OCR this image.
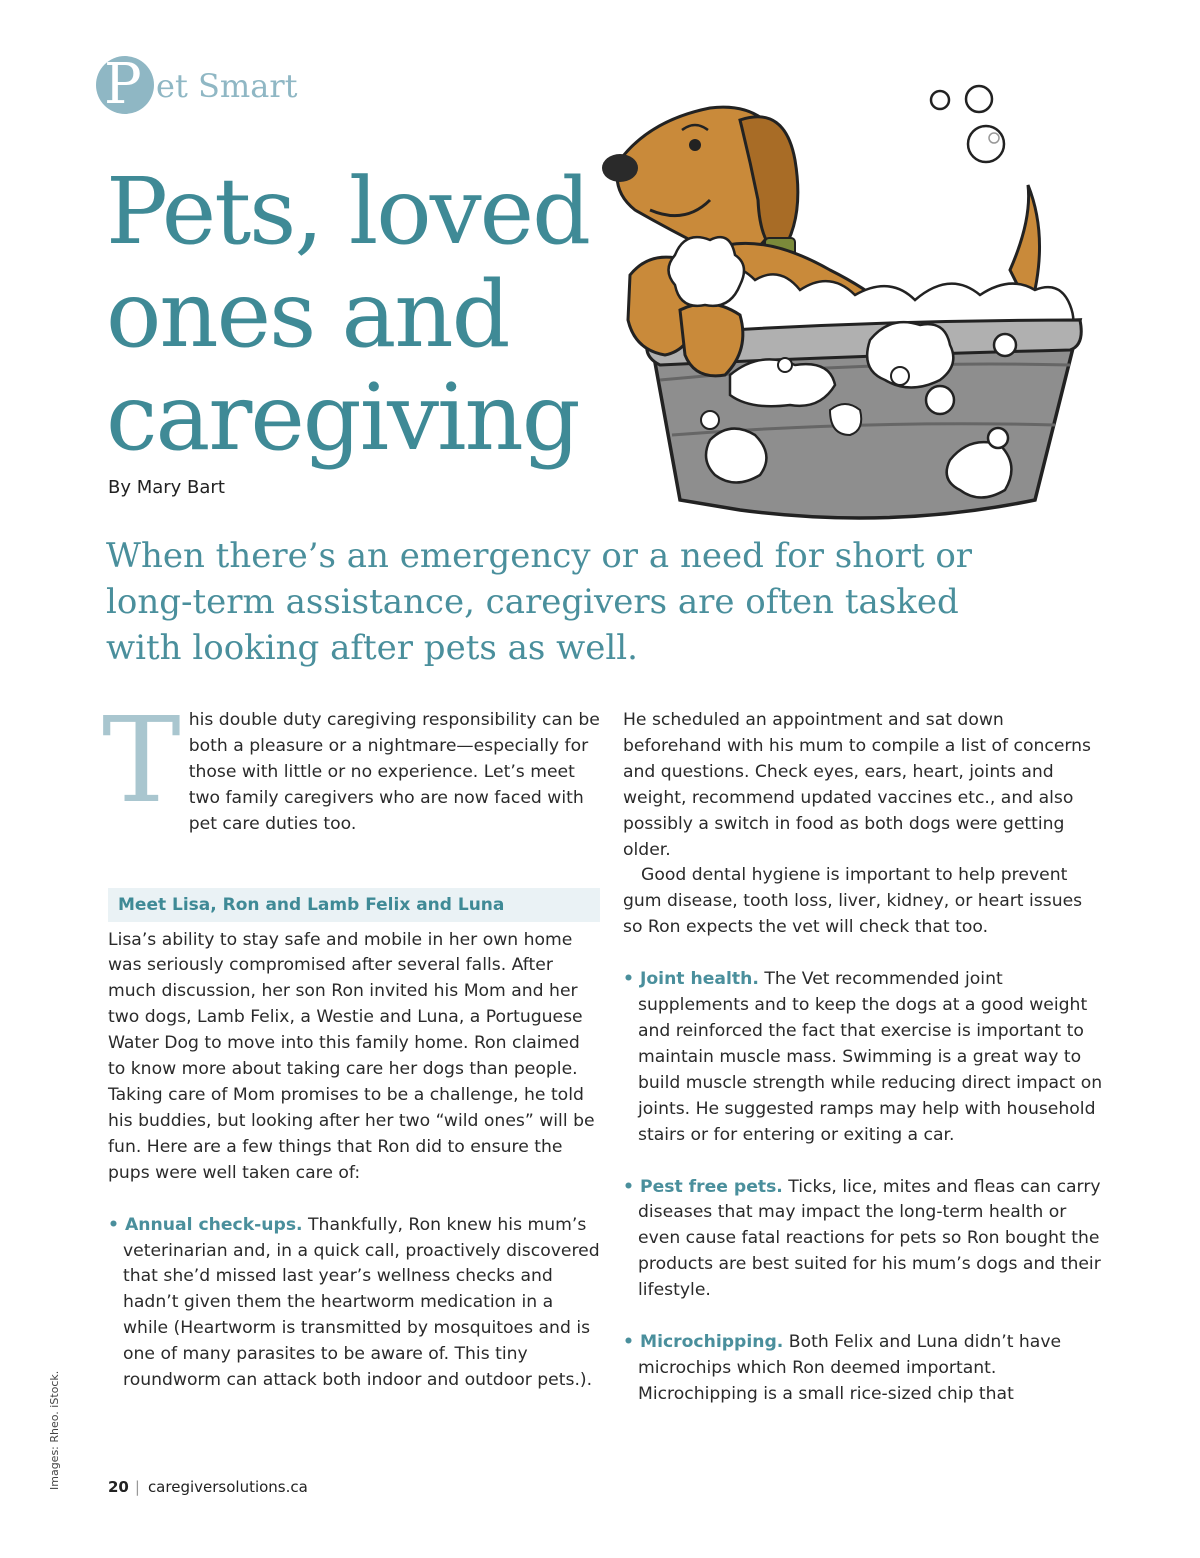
P et Smart
Pets, loved
ones and
caregiving
By Mary Bart

When there’s an emergency or a need for short or long-term assistance, caregivers are often tasked with looking after pets as well.

This double duty caregiving responsibility can be both a pleasure or a nightmare—especially for those with little or no experience. Let’s meet two family caregivers who are now faced with pet care duties too.

Meet Lisa, Ron and Lamb Felix and Luna

Lisa’s ability to stay safe and mobile in her own home was seriously compromised after several falls. After much discussion, her son Ron invited his Mom and her two dogs, Lamb Felix, a Westie and Luna, a Portuguese Water Dog to move into this family home. Ron claimed to know more about taking care her dogs than people. Taking care of Mom promises to be a challenge, he told his buddies, but looking after her two “wild ones” will be fun. Here are a few things that Ron did to ensure the pups were well taken care of:

• Annual check-ups. Thankfully, Ron knew his mum’s veterinarian and, in a quick call, proactively discovered that she’d missed last year’s wellness checks and hadn’t given them the heartworm medication in a while (Heartworm is transmitted by mosquitoes and is one of many parasites to be aware of. This tiny roundworm can attack both indoor and outdoor pets.).

He scheduled an appointment and sat down beforehand with his mum to compile a list of concerns and questions. Check eyes, ears, heart, joints and weight, recommend updated vaccines etc., and also possibly a switch in food as both dogs were getting older.

Good dental hygiene is important to help prevent gum disease, tooth loss, liver, kidney, or heart issues so Ron expects the vet will check that too.

• Joint health. The Vet recommended joint supplements and to keep the dogs at a good weight and reinforced the fact that exercise is important to maintain muscle mass. Swimming is a great way to build muscle strength while reducing direct impact on joints. He suggested ramps may help with household stairs or for entering or exiting a car.

• Pest free pets. Ticks, lice, mites and fleas can carry diseases that may impact the long-term health or even cause fatal reactions for pets so Ron bought the products are best suited for his mum’s dogs and their lifestyle.

• Microchipping. Both Felix and Luna didn’t have microchips which Ron deemed important. Microchipping is a small rice-sized chip that

Images: Rheo. iStock.	20 | caregiversolutions.ca
